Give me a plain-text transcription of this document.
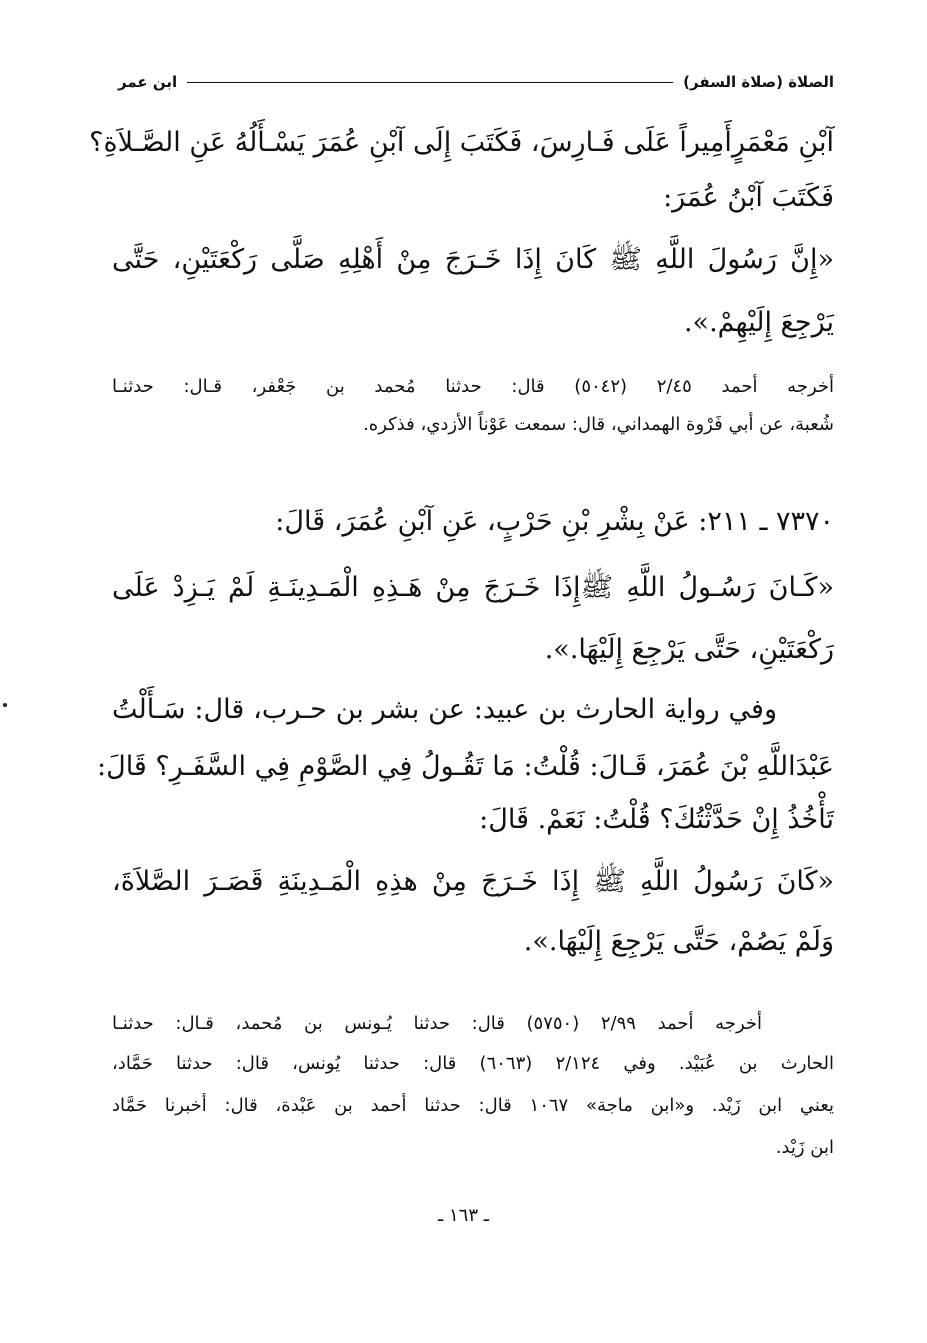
الصلاة (صلاة السفر)
ابن عمر
آبْنِ مَعْمَرٍأَمِيراً عَلَى فَـارِسَ، فَكَتَبَ إِلَى آبْنِ عُمَرَ يَسْـأَلُهُ عَنِ الصَّـلاَةِ؟
فَكَتَبَ آبْنُ عُمَرَ:
«إِنَّ رَسُولَ اللَّهِ ﷺ كَانَ إِذَا خَـرَجَ مِنْ أَهْلِهِ صَلَّى رَكْعَتَيْنِ، حَتَّى
يَرْجِعَ إِلَيْهِمْ.».
أخرجه أحمد ٢/٤٥ (٥٠٤٢) قال: حدثنا مُحمد بن جَعْفر، قـال: حدثنـا
شُعبة، عن أبي فَرْوة الهمداني، قال: سمعت عَوْناً الأزدي، فذكره.
٧٣٧٠ ـ ٢١١: عَنْ بِشْرِ بْنِ حَرْبٍ، عَنِ آبْنِ عُمَرَ، قَالَ:
«كَـانَ رَسُـولُ اللَّهِ ﷺإِذَا خَـرَجَ مِنْ هَـذِهِ الْمَـدِينَـةِ لَمْ يَـزِدْ عَلَى
رَكْعَتَيْنِ، حَتَّى يَرْجِعَ إِلَيْهَا.».
وفي رواية الحارث بن عبيد: عن بشر بن حـرب، قال: سَـأَلْتُ
عَبْدَاللَّهِ بْنَ عُمَرَ، قَـالَ: قُلْتُ: مَا تَقُـولُ فِي الصَّوْمِ فِي السَّفَـرِ؟ قَالَ:
تَأْخُذُ إِنْ حَدَّثْتُكَ؟ قُلْتُ: نَعَمْ. قَالَ:
«كَانَ رَسُولُ اللَّهِ ﷺ إِذَا خَـرَجَ مِنْ هذِهِ الْمَـدِينَةِ قَصَـرَ الصَّلاَةَ،
وَلَمْ يَصُمْ، حَتَّى يَرْجِعَ إِلَيْهَا.».
أخرجه أحمد ٢/٩٩ (٥٧٥٠) قال: حدثنا يُـونس بن مُحمد، قـال: حدثنـا
الحارث بن عُبَيْد. وفي ٢/١٢٤ (٦٠٦٣) قال: حدثنا يُونس، قال: حدثنا حَمَّاد،
يعني ابن زَيْد. و«ابن ماجة» ١٠٦٧ قال: حدثنا أحمد بن عَبْدة، قال: أخبرنا حَمَّاد
ابن زَيْد.
ـ ١٦٣ ـ
